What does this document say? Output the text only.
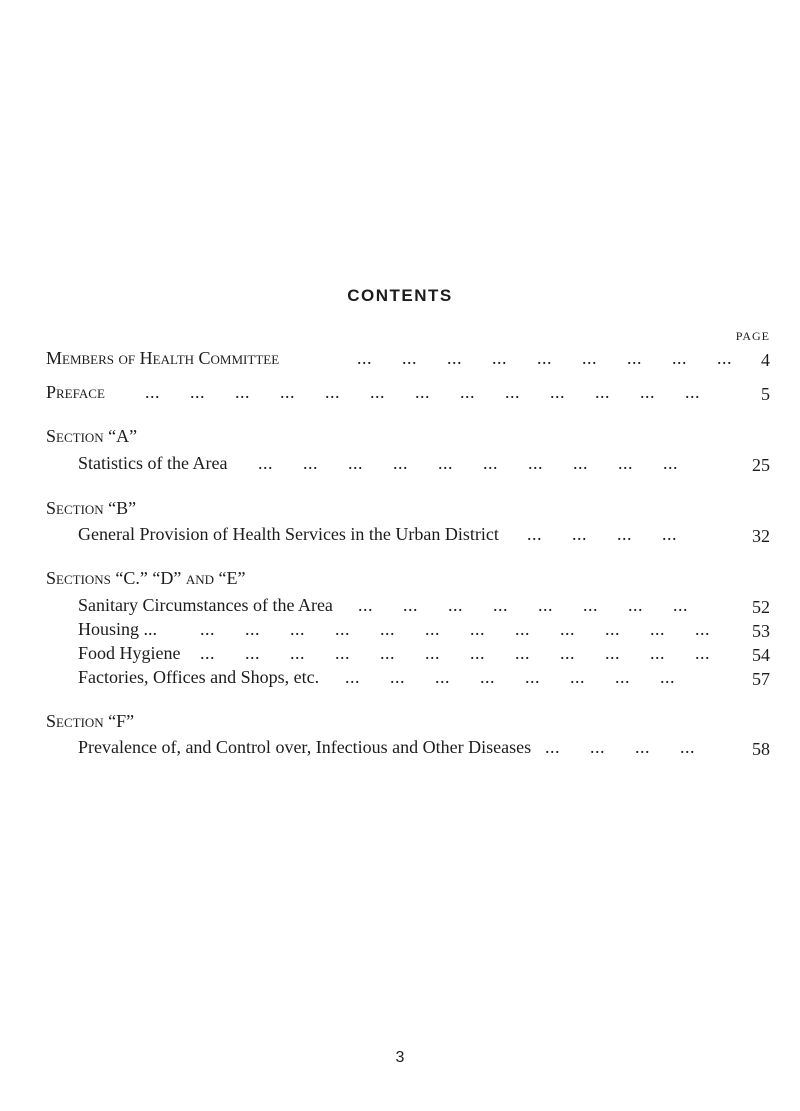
CONTENTS
PAGE
Members of Health Committee	...      ...      ...      ...      ...      ...      ...      ...      ... 4
Preface ...      ...      ...      ...      ...      ...      ...      ...      ...      ...      ...      ...      ...	5
Section “A”
Statistics of the Area ...      ...      ...      ...      ...      ...      ...      ...      ...      ...	25
Section “B”
General Provision of Health Services in the Urban District ...      ...      ...      ...	32
Sections “C.” “D” and “E”
Sanitary Circumstances of the Area ...      ...      ...      ...      ...      ...      ...      ...	52
Housing ... ...      ...      ...      ...      ...      ...      ...      ...      ...      ...      ...      ... 53
Food Hygiene ...      ...      ...      ...      ...      ...      ...      ...      ...      ...      ...      ... 54
Factories, Offices and Shops, etc. ...      ...      ...      ...      ...      ...      ...      ...	57
Section “F”
Prevalence of, and Control over, Infectious and Other Diseases ...      ...      ...      ...	58
3
